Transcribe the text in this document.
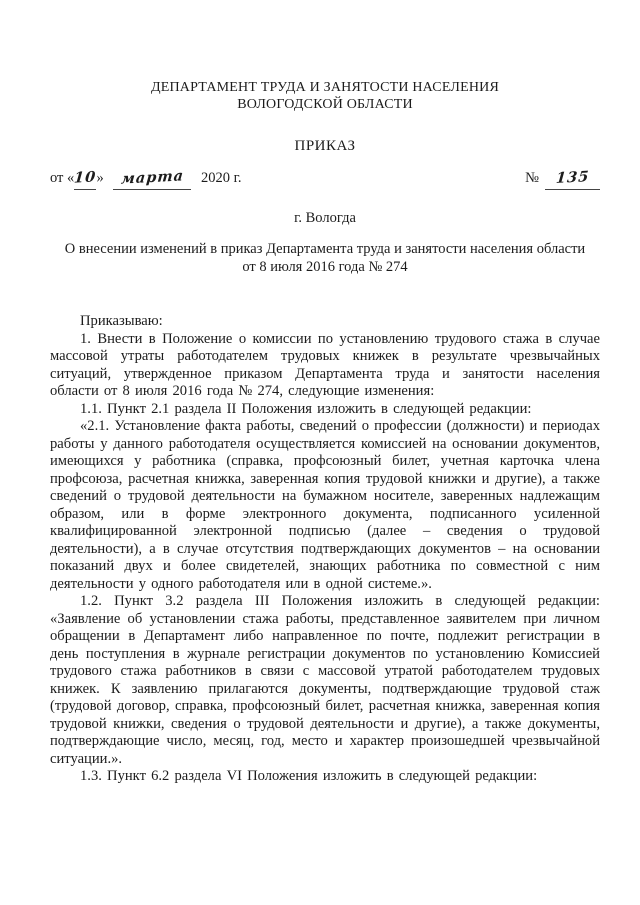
ДЕПАРТАМЕНТ ТРУДА И ЗАНЯТОСТИ НАСЕЛЕНИЯ
ВОЛОГОДСКОЙ ОБЛАСТИ
ПРИКАЗ
от «10» марта 2020 г.	№ 135
г. Вологда
О внесении изменений в приказ Департамента труда и занятости населения области от 8 июля 2016 года № 274

Приказываю:

1. Внести в Положение о комиссии по установлению трудового стажа в случае массовой утраты работодателем трудовых книжек в результате чрезвычайных ситуаций, утвержденное приказом Департамента труда и занятости населения области от 8 июля 2016 года № 274, следующие изменения:

1.1. Пункт 2.1 раздела II Положения изложить в следующей редакции:

«2.1. Установление факта работы, сведений о профессии (должности) и периодах работы у данного работодателя осуществляется комиссией на основании документов, имеющихся у работника (справка, профсоюзный билет, учетная карточка члена профсоюза, расчетная книжка, заверенная копия трудовой книжки и другие), а также сведений о трудовой деятельности на бумажном носителе, заверенных надлежащим образом, или в форме электронного документа, подписанного усиленной квалифицированной электронной подписью (далее – сведения о трудовой деятельности), а в случае отсутствия подтверждающих документов – на основании показаний двух и более свидетелей, знающих работника по совместной с ним деятельности у одного работодателя или в одной системе.».

1.2. Пункт 3.2 раздела III Положения изложить в следующей редакции: «Заявление об установлении стажа работы, представленное заявителем при личном обращении в Департамент либо направленное по почте, подлежит регистрации в день поступления в журнале регистрации документов по установлению Комиссией трудового стажа работников в связи с массовой утратой работодателем трудовых книжек. К заявлению прилагаются документы, подтверждающие трудовой стаж (трудовой договор, справка, профсоюзный билет, расчетная книжка, заверенная копия трудовой книжки, сведения о трудовой деятельности и другие), а также документы, подтверждающие число, месяц, год, место и характер произошедшей чрезвычайной ситуации.».

1.3. Пункт 6.2 раздела VI Положения изложить в следующей редакции:
